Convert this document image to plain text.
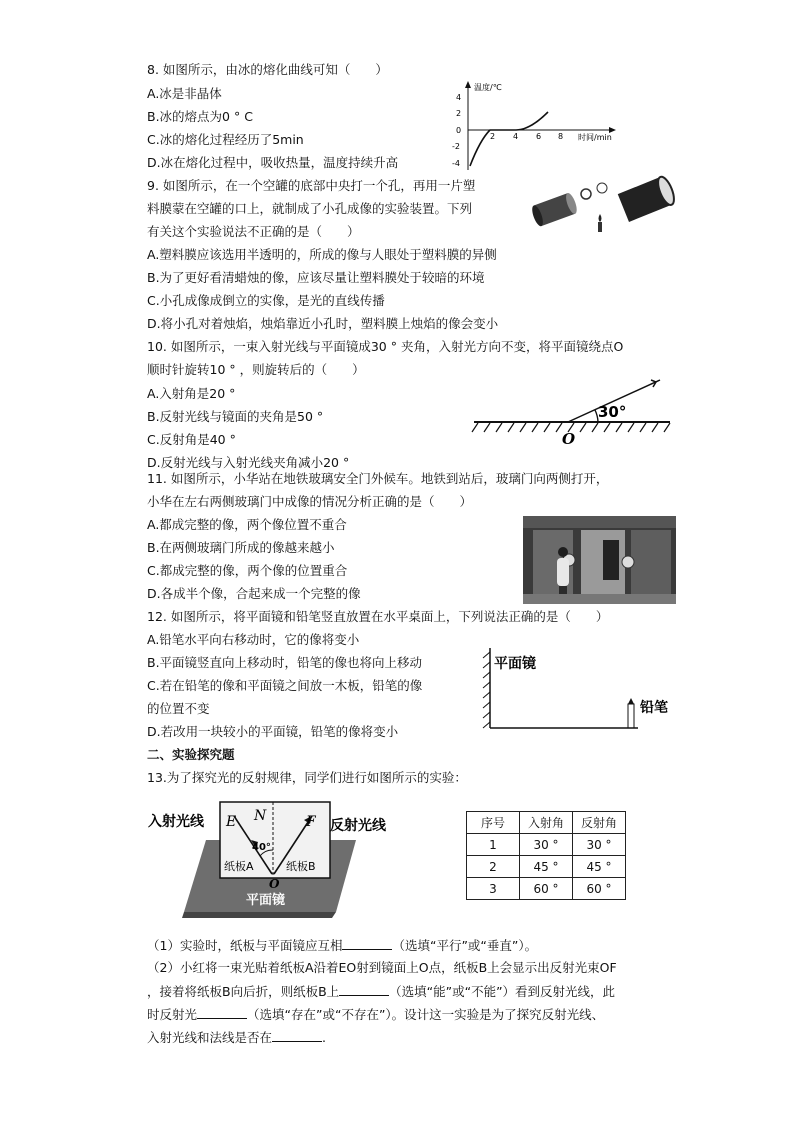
8. 如图所示，由冰的熔化曲线可知（　　）
A.冰是非晶体
B.冰的熔点为0 ° C
C.冰的熔化过程经历了5min
D.冰在熔化过程中，吸收热量，温度持续升高
温度/℃
时间/min
4
2
0
-2
-4
2 4 6 8
9. 如图所示，在一个空罐的底部中央打一个孔，再用一片塑
料膜蒙在空罐的口上，就制成了小孔成像的实验装置。下列
有关这个实验说法不正确的是（　　）
A.塑料膜应该选用半透明的，所成的像与人眼处于塑料膜的异侧
B.为了更好看清蜡烛的像，应该尽量让塑料膜处于较暗的环境
C.小孔成像成倒立的实像，是光的直线传播
D.将小孔对着烛焰，烛焰靠近小孔时，塑料膜上烛焰的像会变小
10. 如图所示，一束入射光线与平面镜成30 ° 夹角，入射光方向不变，将平面镜绕点O
顺时针旋转10 ° ，则旋转后的（　　）
A.入射角是20 °
B.反射光线与镜面的夹角是50 °
C.反射角是40 °
D.反射光线与入射光线夹角减小20 °
30°
O
11. 如图所示，小华站在地铁玻璃安全门外候车。地铁到站后，玻璃门向两侧打开，
小华在左右两侧玻璃门中成像的情况分析正确的是（　　）
A.都成完整的像，两个像位置不重合
B.在两侧玻璃门所成的像越来越小
C.都成完整的像，两个像的位置重合
D.各成半个像，合起来成一个完整的像
12. 如图所示，将平面镜和铅笔竖直放置在水平桌面上，下列说法正确的是（　　）
A.铅笔水平向右移动时，它的像将变小
B.平面镜竖直向上移动时，铅笔的像也将向上移动
C.若在铅笔的像和平面镜之间放一木板，铅笔的像
的位置不变
D.若改用一块较小的平面镜，铅笔的像将变小
平面镜
铅笔
二、实验探究题
13.为了探究光的反射规律，同学们进行如图所示的实验：
入射光线	反射光线
E N	F
40°
纸板A	纸板B
O
平面镜
序号	入射角	反射角
1	30 °	30 °
2	45 °	45 °
3	60 °	60 °
（1）实验时，纸板与平面镜应互相	（选填“平行”或“垂直”）。
（2）小红将一束光贴着纸板A沿着EO射到镜面上O点，纸板B上会显示出反射光束OF
，接着将纸板B向后折，则纸板B上	（选填“能”或“不能”）看到反射光线，此
时反射光	（选填“存在”或“不存在”）。设计这一实验是为了探究反射光线、
入射光线和法线是否在	.
